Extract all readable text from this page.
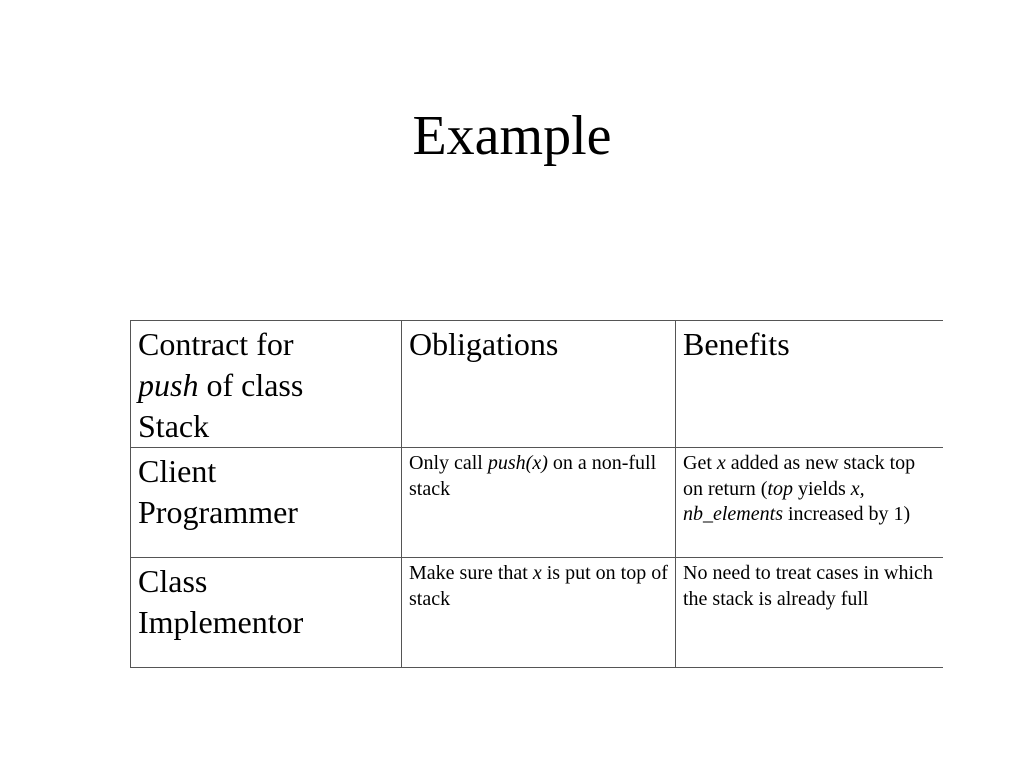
Example
Contract for
push of class
Stack	Obligations	Benefits

Client
Programmer	Only call push(x) on a non-full stack	Get x added as new stack top on return (top yields x, nb_elements increased by 1)

Class
Implementor	Make sure that x is put on top of stack	No need to treat cases in which the stack is already full
